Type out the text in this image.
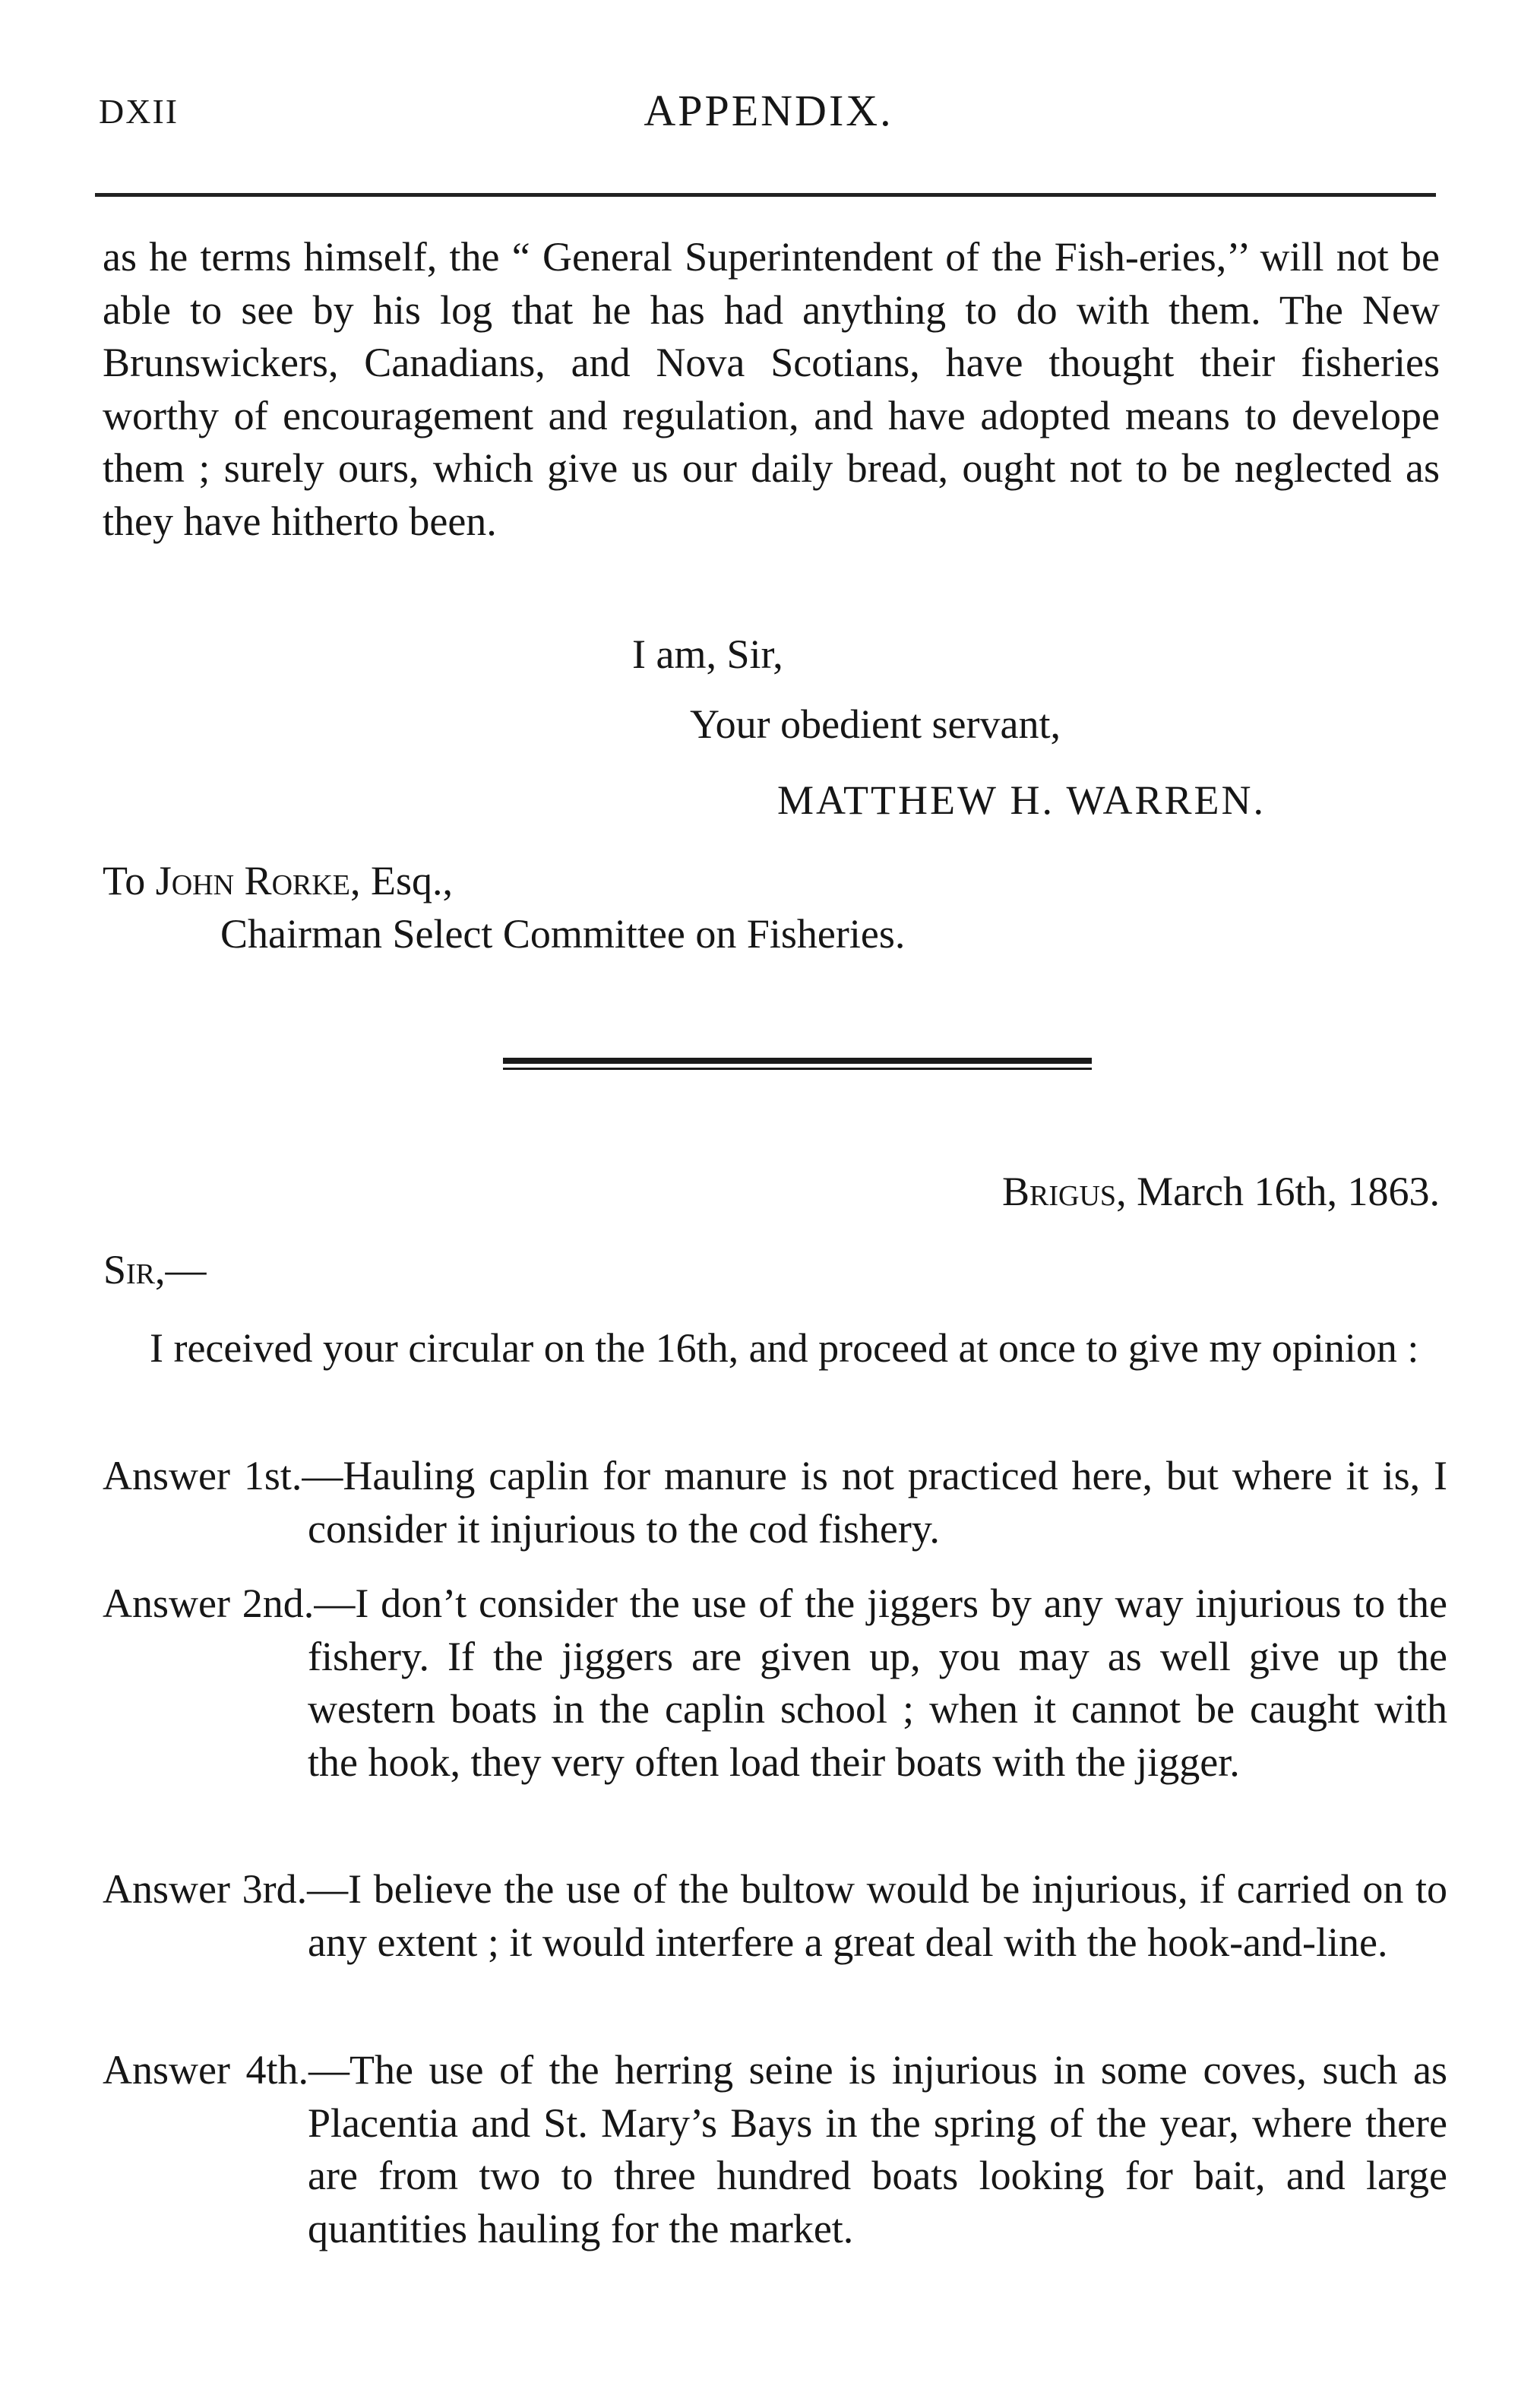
DXII	APPENDIX.

as he terms himself, the “ General Superintendent of the Fish-eries,’’ will not be able to see by his log that he has had anything to do with them. The New Brunswickers, Canadians, and Nova Scotians, have thought their fisheries worthy of encouragement and regulation, and have adopted means to develope them ; surely ours, which give us our daily bread, ought not to be neglected as they have hitherto been.

I am, Sir,
Your obedient servant,
MATTHEW H. WARREN.
To John Rorke, Esq.,
Chairman Select Committee on Fisheries.
Brigus, March 16th, 1863.
Sir,—

I received your circular on the 16th, and proceed at once to give my opinion :

Answer 1st.—Hauling caplin for manure is not practiced here, but where it is, I consider it injurious to the cod fishery.

Answer 2nd.—I don’t consider the use of the jiggers by any way injurious to the fishery. If the jiggers are given up, you may as well give up the western boats in the caplin school ; when it cannot be caught with the hook, they very often load their boats with the jigger.

Answer 3rd.—I believe the use of the bultow would be injurious, if carried on to any extent ; it would interfere a great deal with the hook-and-line.

Answer 4th.—The use of the herring seine is injurious in some coves, such as Placentia and St. Mary’s Bays in the spring of the year, where there are from two to three hundred boats looking for bait, and large quantities hauling for the market.
